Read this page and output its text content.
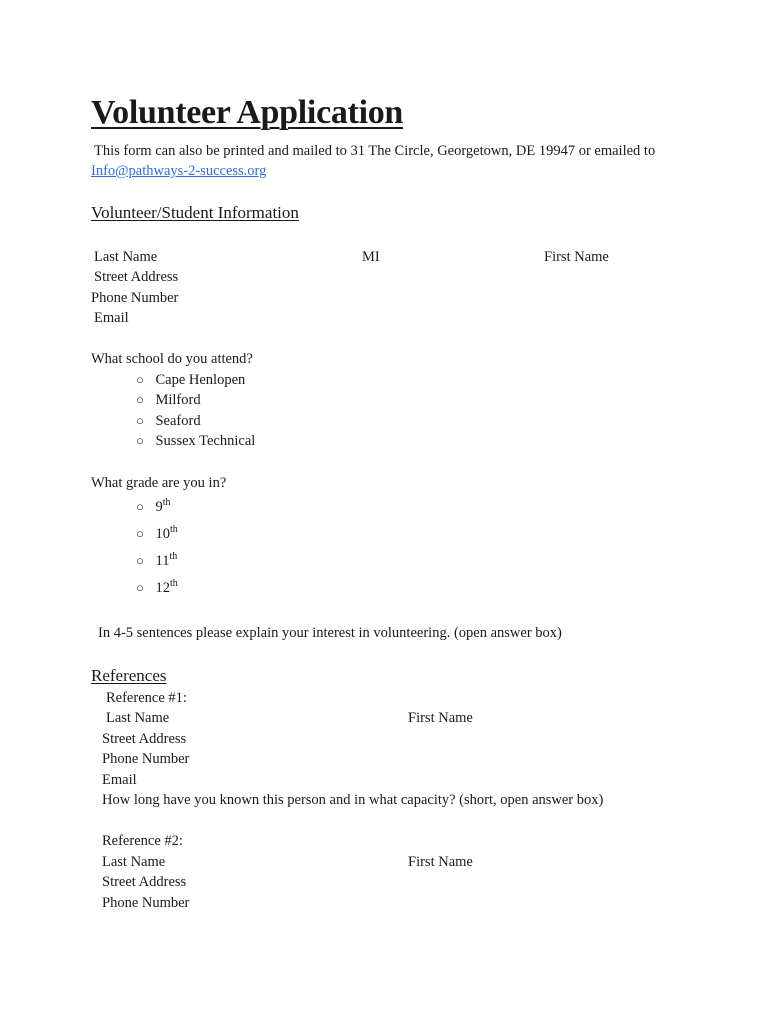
Volunteer Application
This form can also be printed and mailed to 31 The Circle, Georgetown, DE 19947 or emailed to
Info@pathways-2-success.org
Volunteer/Student Information
Last Name	MI	First Name
Street Address
Phone Number
Email
What school do you attend?
○ Cape Henlopen
○ Milford
○ Seaford
○ Sussex Technical
What grade are you in?
○ 9th
○ 10th
○ 11th
○ 12th
In 4-5 sentences please explain your interest in volunteering. (open answer box)
References
Reference #1:
Last Name	First Name
Street Address
Phone Number
Email
How long have you known this person and in what capacity? (short, open answer box)
Reference #2:
Last Name	First Name
Street Address
Phone Number
